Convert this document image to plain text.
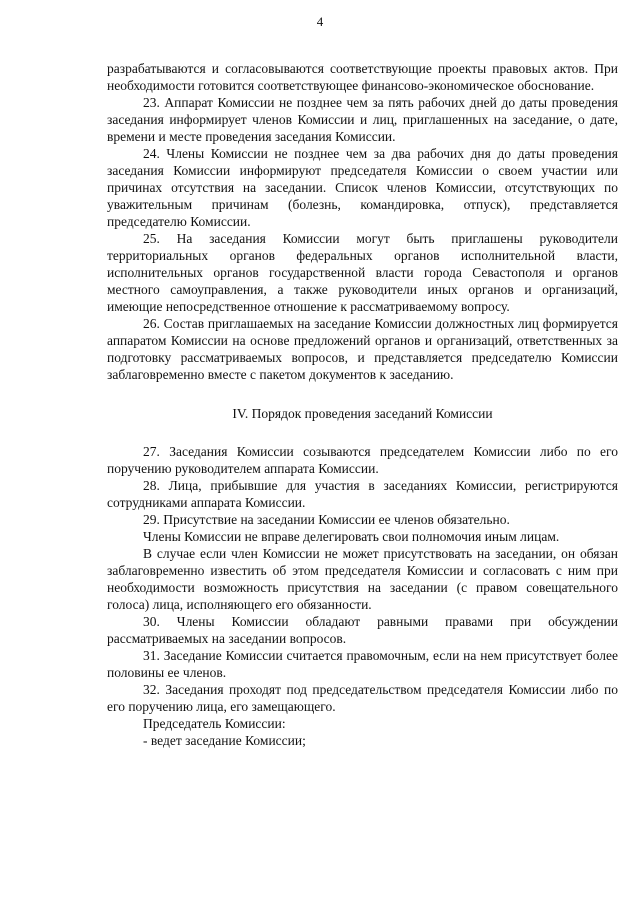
4

разрабатываются и согласовываются соответствующие проекты правовых актов. При необходимости готовится соответствующее финансово-экономическое обоснование.

23. Аппарат Комиссии не позднее чем за пять рабочих дней до даты проведения заседания информирует членов Комиссии и лиц, приглашенных на заседание, о дате, времени и месте проведения заседания Комиссии.

24. Члены Комиссии не позднее чем за два рабочих дня до даты проведения заседания Комиссии информируют председателя Комиссии о своем участии или причинах отсутствия на заседании. Список членов Комиссии, отсутствующих по уважительным причинам (болезнь, командировка, отпуск), представляется председателю Комиссии.

25. На заседания Комиссии могут быть приглашены руководители территориальных органов федеральных органов исполнительной власти, исполнительных органов государственной власти города Севастополя и органов местного самоуправления, а также руководители иных органов и организаций, имеющие непосредственное отношение к рассматриваемому вопросу.

26. Состав приглашаемых на заседание Комиссии должностных лиц формируется аппаратом Комиссии на основе предложений органов и организаций, ответственных за подготовку рассматриваемых вопросов, и представляется председателю Комиссии заблаговременно вместе с пакетом документов к заседанию.

IV. Порядок проведения заседаний Комиссии

27. Заседания Комиссии созываются председателем Комиссии либо по его поручению руководителем аппарата Комиссии.

28. Лица, прибывшие для участия в заседаниях Комиссии, регистрируются сотрудниками аппарата Комиссии.

29. Присутствие на заседании Комиссии ее членов обязательно.

Члены Комиссии не вправе делегировать свои полномочия иным лицам.

В случае если член Комиссии не может присутствовать на заседании, он обязан заблаговременно известить об этом председателя Комиссии и согласовать с ним при необходимости возможность присутствия на заседании (с правом совещательного голоса) лица, исполняющего его обязанности.

30. Члены Комиссии обладают равными правами при обсуждении рассматриваемых на заседании вопросов.

31. Заседание Комиссии считается правомочным, если на нем присутствует более половины ее членов.

32. Заседания проходят под председательством председателя Комиссии либо по его поручению лица, его замещающего.

Председатель Комиссии:

- ведет заседание Комиссии;
